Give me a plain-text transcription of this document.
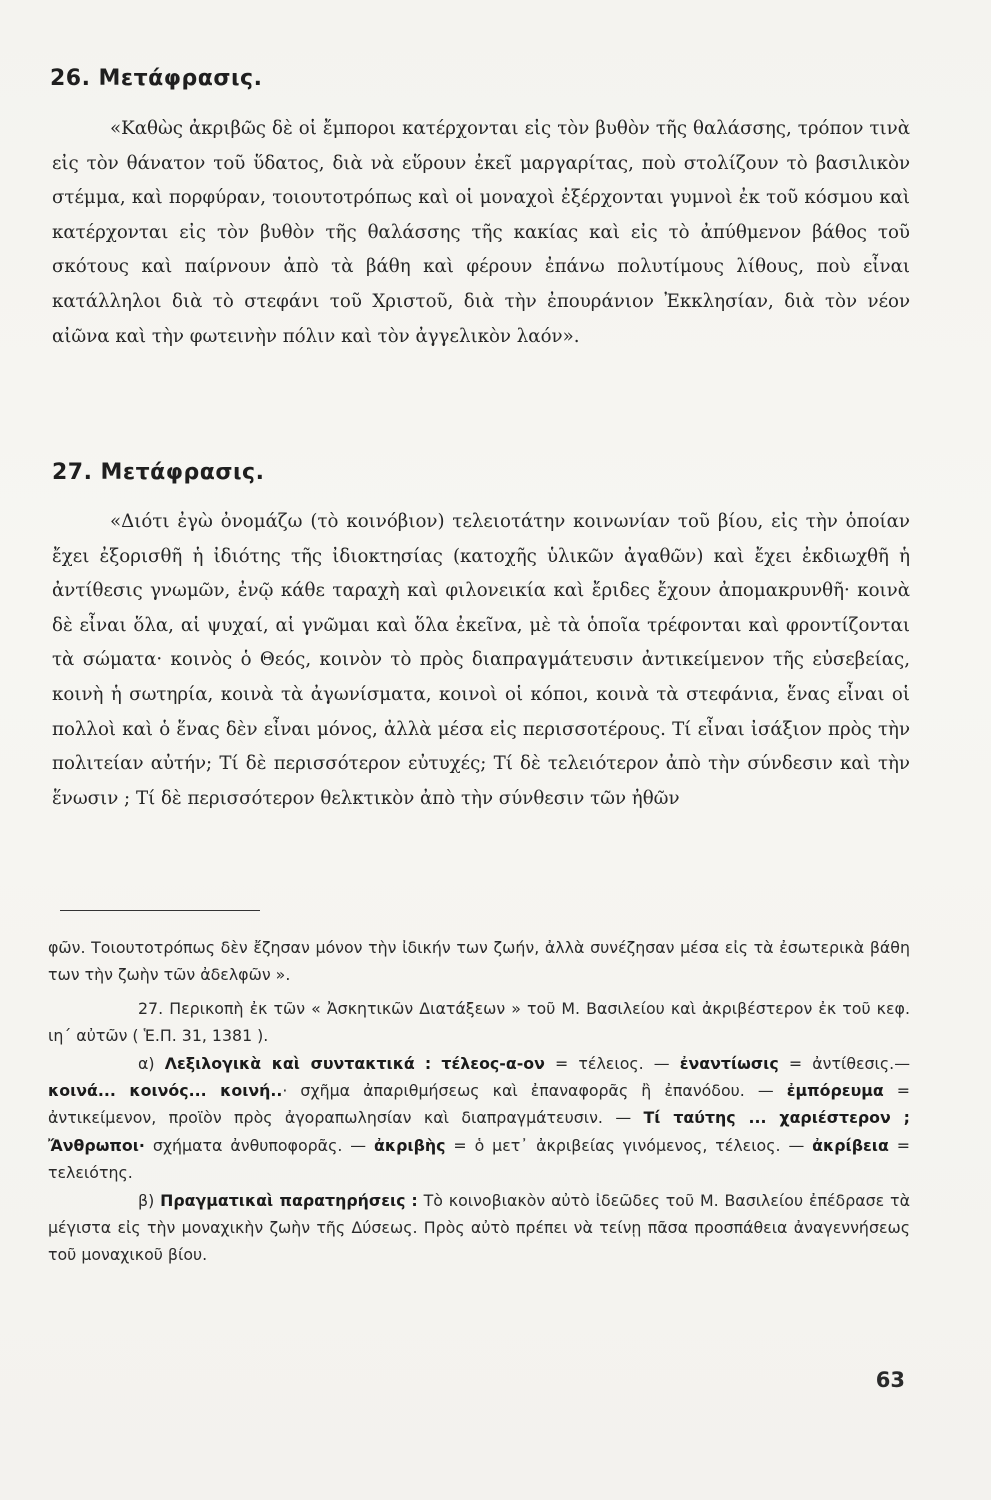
26. Μετάφρασις.

«Καθὼς ἀκριβῶς δὲ οἱ ἔμποροι κατέρχονται εἰς τὸν βυθὸν τῆς θαλάσσης, τρόπον τινὰ εἰς τὸν θάνατον τοῦ ὕδατος, διὰ νὰ εὕρουν ἐκεῖ μαργαρίτας, ποὺ στολίζουν τὸ βασιλικὸν στέμμα, καὶ πορφύραν, τοιουτοτρόπως καὶ οἱ μοναχοὶ ἐξέρχονται γυμνοὶ ἐκ τοῦ κόσμου καὶ κατέρχονται εἰς τὸν βυθὸν τῆς θαλάσσης τῆς κακίας καὶ εἰς τὸ ἀπύθμενον βάθος τοῦ σκότους καὶ παίρνουν ἀπὸ τὰ βάθη καὶ φέρουν ἐπάνω πολυτίμους λίθους, ποὺ εἶναι κατάλληλοι διὰ τὸ στεφάνι τοῦ Χριστοῦ, διὰ τὴν ἐπουράνιον Ἐκκλησίαν, διὰ τὸν νέον αἰῶνα καὶ τὴν φωτεινὴν πόλιν καὶ τὸν ἀγγελικὸν λαόν».

27. Μετάφρασις.

«Διότι ἐγὼ ὀνομάζω (τὸ κοινόβιον) τελειοτάτην κοινωνίαν τοῦ βίου, εἰς τὴν ὁποίαν ἔχει ἐξορισθῆ ἡ ἰδιότης τῆς ἰδιοκτησίας (κατοχῆς ὑλικῶν ἀγαθῶν) καὶ ἔχει ἐκδιωχθῆ ἡ ἀντίθεσις γνωμῶν, ἐνῷ κάθε ταραχὴ καὶ φιλονεικία καὶ ἔριδες ἔχουν ἀπομακρυνθῆ· κοινὰ δὲ εἶναι ὅλα, αἱ ψυχαί, αἱ γνῶμαι καὶ ὅλα ἐκεῖνα, μὲ τὰ ὁποῖα τρέφονται καὶ φροντίζονται τὰ σώματα· κοινὸς ὁ Θεός, κοινὸν τὸ πρὸς διαπραγμάτευσιν ἀντικείμενον τῆς εὐσεβείας, κοινὴ ἡ σωτηρία, κοινὰ τὰ ἀγωνίσματα, κοινοὶ οἱ κόποι, κοινὰ τὰ στεφάνια, ἕνας εἶναι οἱ πολλοὶ καὶ ὁ ἕνας δὲν εἶναι μόνος, ἀλλὰ μέσα εἰς περισσοτέρους. Τί εἶναι ἰσάξιον πρὸς τὴν πολιτείαν αὐτήν; Τί δὲ περισσότερον εὐτυχές; Τί δὲ τελειότερον ἀπὸ τὴν σύνδεσιν καὶ τὴν ἕνωσιν ; Τί δὲ περισσότερον θελκτικὸν ἀπὸ τὴν σύνθεσιν τῶν ἠθῶν

φῶν. Τοιουτοτρόπως δὲν ἔζησαν μόνον τὴν ἰδικήν των ζωήν, ἀλλὰ συνέζησαν μέσα εἰς τὰ ἐσωτερικὰ βάθη των τὴν ζωὴν τῶν ἀδελφῶν ».

27. Περικοπὴ ἐκ τῶν « Ἀσκητικῶν Διατάξεων » τοῦ Μ. Βασιλείου καὶ ἀκριβέστερον ἐκ τοῦ κεφ. ιη΄ αὐτῶν ( Ἑ.Π. 31, 1381 ).

α) Λεξιλογικὰ καὶ συντακτικά : τέλεος-α-ον = τέλειος. — ἐναντίωσις = ἀντίθεσις.— κοινά... κοινός... κοινή..· σχῆμα ἀπαριθμήσεως καὶ ἐπαναφορᾶς ἢ ἐπανόδου. — ἐμπόρευμα = ἀντικείμενον, προϊὸν πρὸς ἀγοραπωλησίαν καὶ διαπραγμάτευσιν. — Τί ταύτης ... χαριέστερον ; Ἄνθρωποι· σχήματα ἀνθυποφορᾶς. — ἀκριβὴς = ὁ μετ᾽ ἀκριβείας γινόμενος, τέλειος. — ἀκρίβεια = τελειότης.

β) Πραγματικαὶ παρατηρήσεις : Τὸ κοινοβιακὸν αὐτὸ ἰδεῶδες τοῦ Μ. Βασιλείου ἐπέδρασε τὰ μέγιστα εἰς τὴν μοναχικὴν ζωὴν τῆς Δύσεως. Πρὸς αὐτὸ πρέπει νὰ τείνῃ πᾶσα προσπάθεια ἀναγεννήσεως τοῦ μοναχικοῦ βίου.

63
